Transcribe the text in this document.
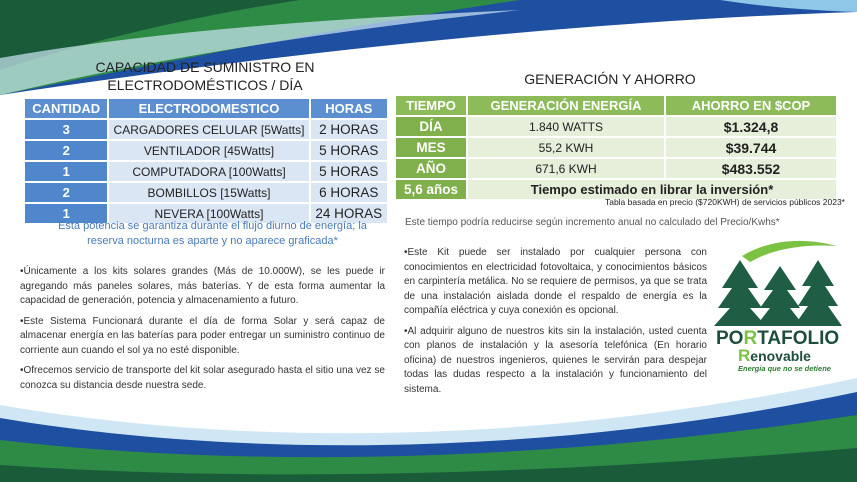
CAPACIDAD DE SUMINISTRO EN
ELECTRODOMÉSTICOS / DÍA
CANTIDAD	ELECTRODOMESTICO	HORAS
3	CARGADORES CELULAR [5Watts]	2 HORAS
2	VENTILADOR [45Watts]	5 HORAS
1	COMPUTADORA [100Watts]	5 HORAS
2	BOMBILLOS [15Watts]	6 HORAS
1	NEVERA [100Watts]	24 HORAS
Esta potencia se garantiza durante el flujo diurno de energía; la
reserva nocturna es aparte y no aparece graficada*

•Únicamente a los kits solares grandes (Más de 10.000W), se les puede ir agregando más paneles solares, más baterías. Y de esta forma aumentar la capacidad de generación, potencia y almacenamiento a futuro.

•Este Sistema Funcionará durante el día de forma Solar y será capaz de almacenar energía en las baterías para poder entregar un suministro continuo de corriente aun cuando el sol ya no esté disponible.

•Ofrecemos servicio de transporte del kit solar asegurado hasta el sitio una vez se conozca su distancia desde nuestra sede.

GENERACIÓN Y AHORRO
TIEMPO	GENERACIÓN ENERGÍA	AHORRO EN $COP
DÍA	1.840 WATTS	$1.324,8
MES	55,2 KWH	$39.744
AÑO	671,6 KWH	$483.552
5,6 años	Tiempo estimado en librar la inversión*	
Tabla basada en precio ($720KWH) de servicios públicos 2023*
Este tiempo podría reducirse según incremento anual no calculado del Precio/Kwhs*

•Este Kit puede ser instalado por cualquier persona con conocimientos en electricidad fotovoltaica, y conocimientos básicos en carpintería metálica. No se requiere de permisos, ya que se trata de una instalación aislada donde el respaldo de energía es la compañía eléctrica y cuya conexión es opcional.

•Al adquirir alguno de nuestros kits sin la instalación, usted cuenta con planos de instalación y la asesoría telefónica (En horario oficina) de nuestros ingenieros, quienes le servirán para despejar todas las dudas respecto a la instalación y funcionamiento del sistema.

PORTAFOLIO
Renovable
Energia que no se detiene
